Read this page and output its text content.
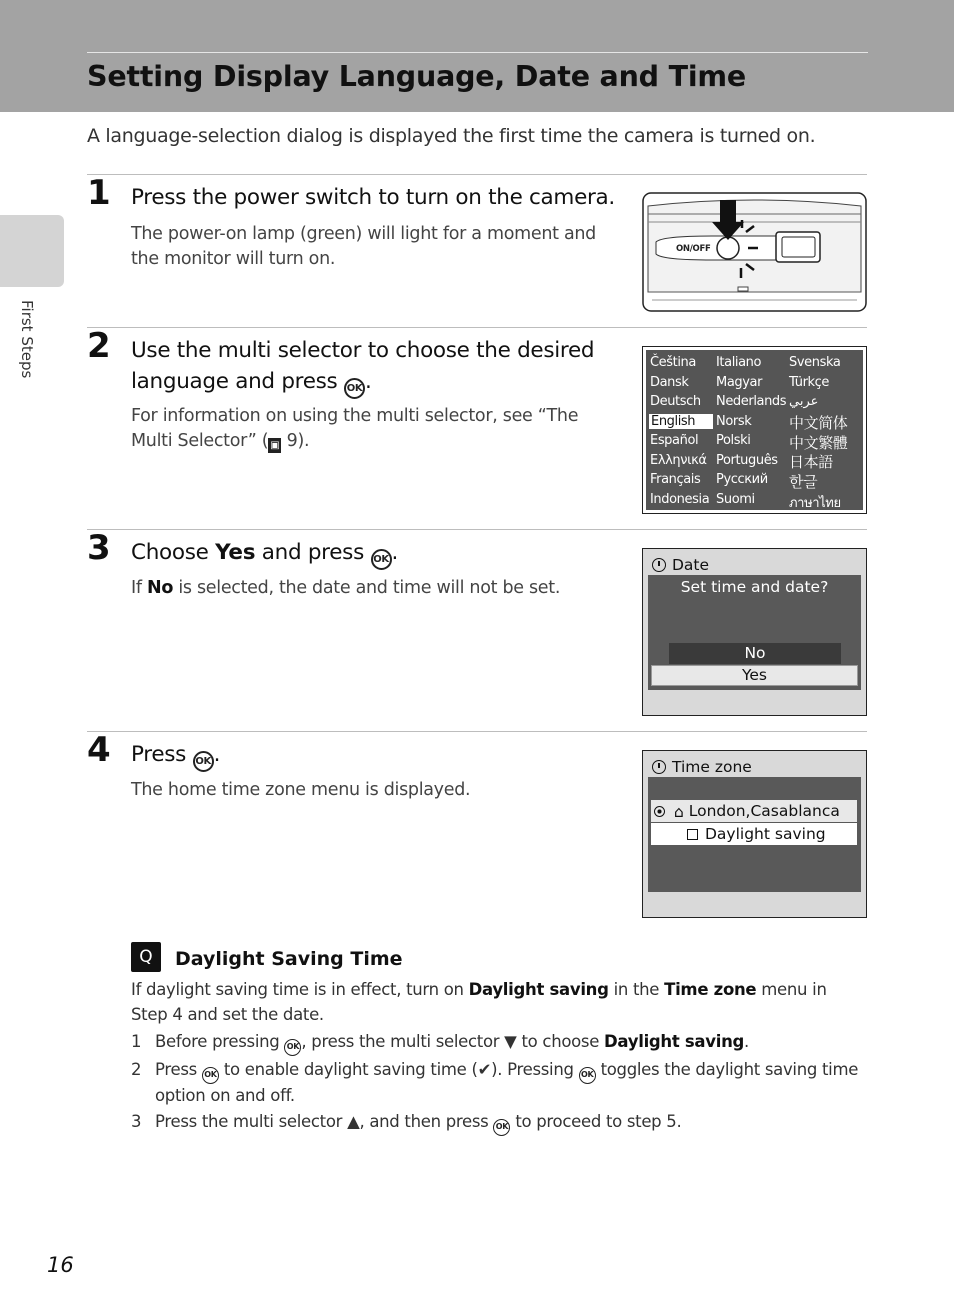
Setting Display Language, Date and Time
A language-selection dialog is displayed the first time the camera is turned on.
First Steps
1 Press the power switch to turn on the camera.
The power-on lamp (green) will light for a moment and the monitor will turn on.	ON/OFF
2 Use the multi selector to choose the desired language and press OK .
For information on using the multi selector, see “The Multi Selector” ( ▣ 9).
Čeština
Dansk
Deutsch
English
Español
Ελληνικά
Français
Indonesia
Italiano
Magyar
Nederlands
Norsk
Polski
Português
Русский
Suomi
Svenska
Türkçe
عربي
中文简体
中文繁體
日本語
한글
ภาษาไทย
3 Choose Yes and press OK .
If No is selected, the date and time will not be set.
Date
Set time and date?
No
Yes
4 Press OK .
The home time zone menu is displayed.
Time zone
⌂ London,Casablanca
Daylight saving
Q	Daylight Saving Time
If daylight saving time is in effect, turn on Daylight saving in the Time zone menu in Step 4 and set the date.
1 Before pressing OK , press the multi selector ▼ to choose Daylight saving.
2 Press OK to enable daylight saving time (✔). Pressing OK toggles the daylight saving time option on and off.
3 Press the multi selector ▲, and then press OK to proceed to step 5.
16
